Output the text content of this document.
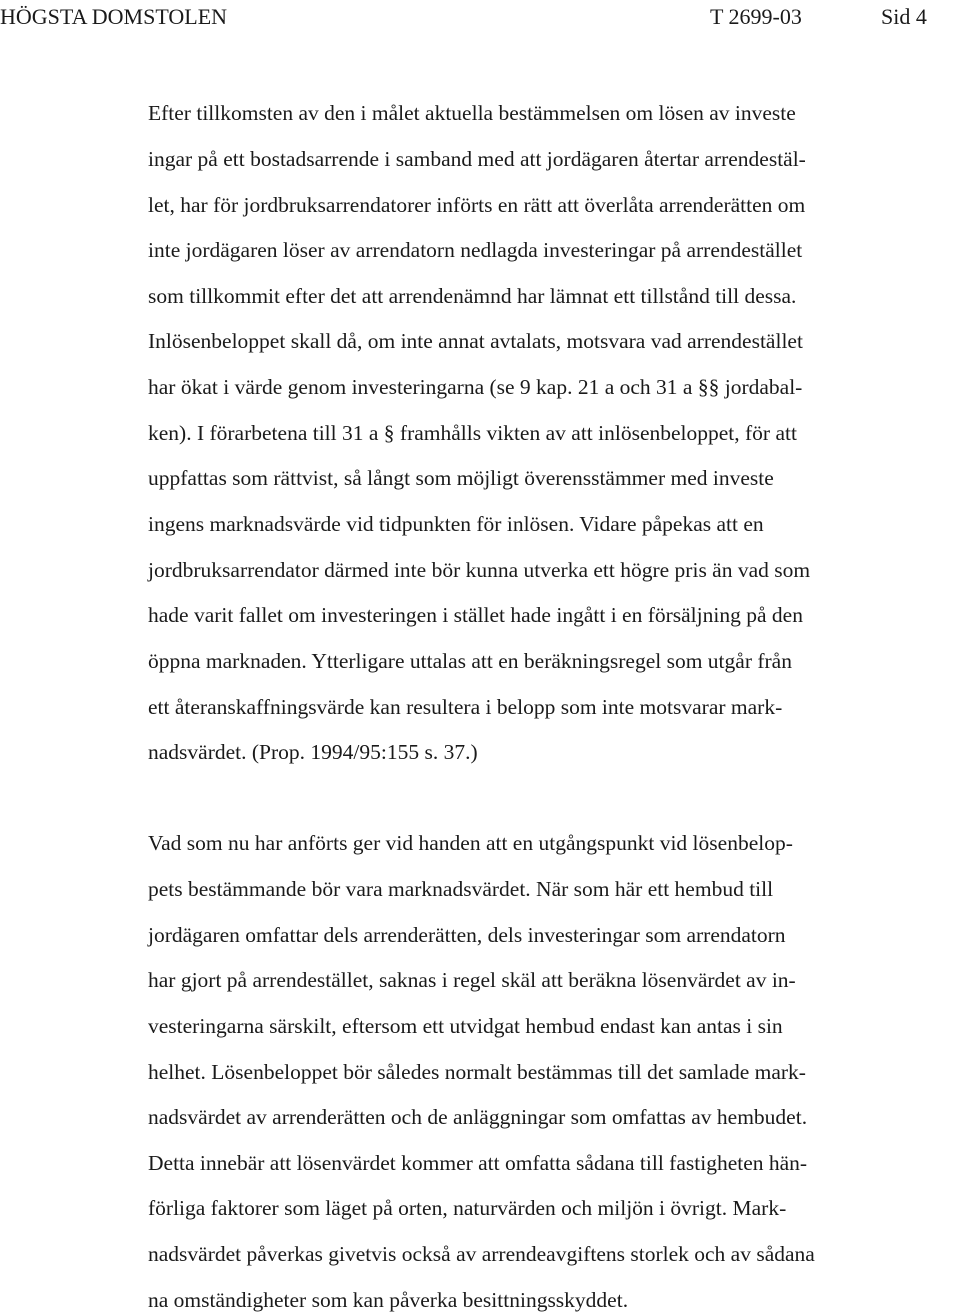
HÖGSTA DOMSTOLEN	T 2699-03	Sid 4
Efter tillkomsten av den i målet aktuella bestämmelsen om lösen av investe
ingar på ett bostadsarrende i samband med att jordägaren återtar arrendestäl-
let, har för jordbruksarrendatorer införts en rätt att överlåta arrenderätten om
inte jordägaren löser av arrendatorn nedlagda investeringar på arrendestället
som tillkommit efter det att arrendenämnd har lämnat ett tillstånd till dessa.
Inlösenbeloppet skall då, om inte annat avtalats, motsvara vad arrendestället
har ökat i värde genom investeringarna (se 9 kap. 21 a och 31 a §§ jordabal-
ken). I förarbetena till 31 a § framhålls vikten av att inlösenbeloppet, för att
uppfattas som rättvist, så långt som möjligt överensstämmer med investe
ingens marknadsvärde vid tidpunkten för inlösen. Vidare påpekas att en
jordbruksarrendator därmed inte bör kunna utverka ett högre pris än vad som
hade varit fallet om investeringen i stället hade ingått i en försäljning på den
öppna marknaden. Ytterligare uttalas att en beräkningsregel som utgår från
ett återanskaffningsvärde kan resultera i belopp som inte motsvarar mark-
nadsvärdet. (Prop. 1994/95:155 s. 37.)
Vad som nu har anförts ger vid handen att en utgångspunkt vid lösenbelop-
pets bestämmande bör vara marknadsvärdet. När som här ett hembud till
jordägaren omfattar dels arrenderätten, dels investeringar som arrendatorn
har gjort på arrendestället, saknas i regel skäl att beräkna lösenvärdet av in-
vesteringarna särskilt, eftersom ett utvidgat hembud endast kan antas i sin
helhet. Lösenbeloppet bör således normalt bestämmas till det samlade mark-
nadsvärdet av arrenderätten och de anläggningar som omfattas av hembudet.
Detta innebär att lösenvärdet kommer att omfatta sådana till fastigheten hän-
förliga faktorer som läget på orten, naturvärden och miljön i övrigt. Mark-
nadsvärdet påverkas givetvis också av arrendeavgiftens storlek och av sådana
na omständigheter som kan påverka besittningsskyddet.
